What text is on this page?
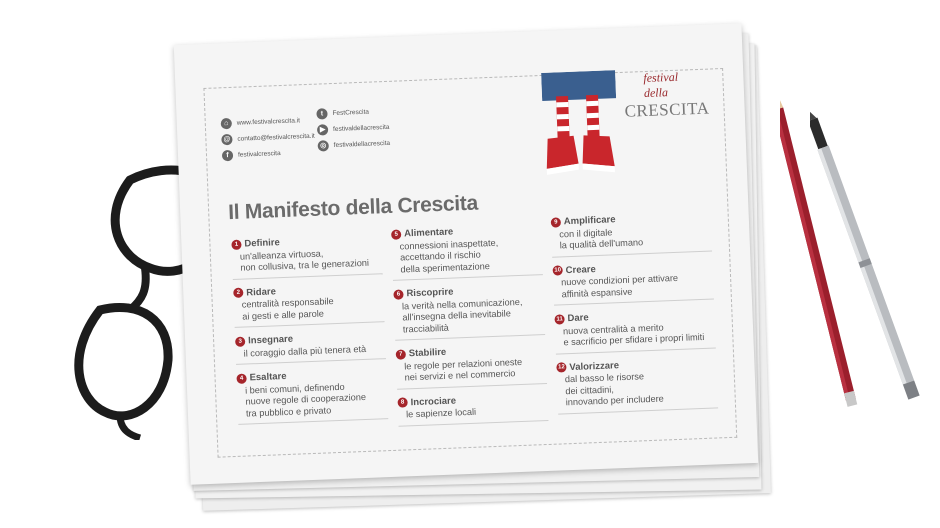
⌂	www.festivalcrescita.it
@	contatto@festivalcrescita.it
f	festivalcrescita
t	FestCrescita
▶	festivaldellacrescita
◎	festivaldellacrescita
festival della
CRESCITA
Il Manifesto della Crescita
1 Definire
un'alleanza virtuosa,
non collusiva, tra le generazioni
2 Ridare
centralità responsabile
ai gesti e alle parole
3 Insegnare
il coraggio dalla più tenera età
4 Esaltare
i beni comuni, definendo
nuove regole di cooperazione
tra pubblico e privato
5 Alimentare
connessioni inaspettate,
accettando il rischio
della sperimentazione
6 Riscoprire
la verità nella comunicazione,
all'insegna della inevitabile
tracciabilità
7 Stabilire
le regole per relazioni oneste
nei servizi e nel commercio
8 Incrociare
le sapienze locali
9 Amplificare
con il digitale
la qualità dell'umano
10 Creare
nuove condizioni per attivare
affinità espansive
11 Dare
nuova centralità a merito
e sacrificio per sfidare i propri limiti
12 Valorizzare
dal basso le risorse
dei cittadini,
innovando per includere
